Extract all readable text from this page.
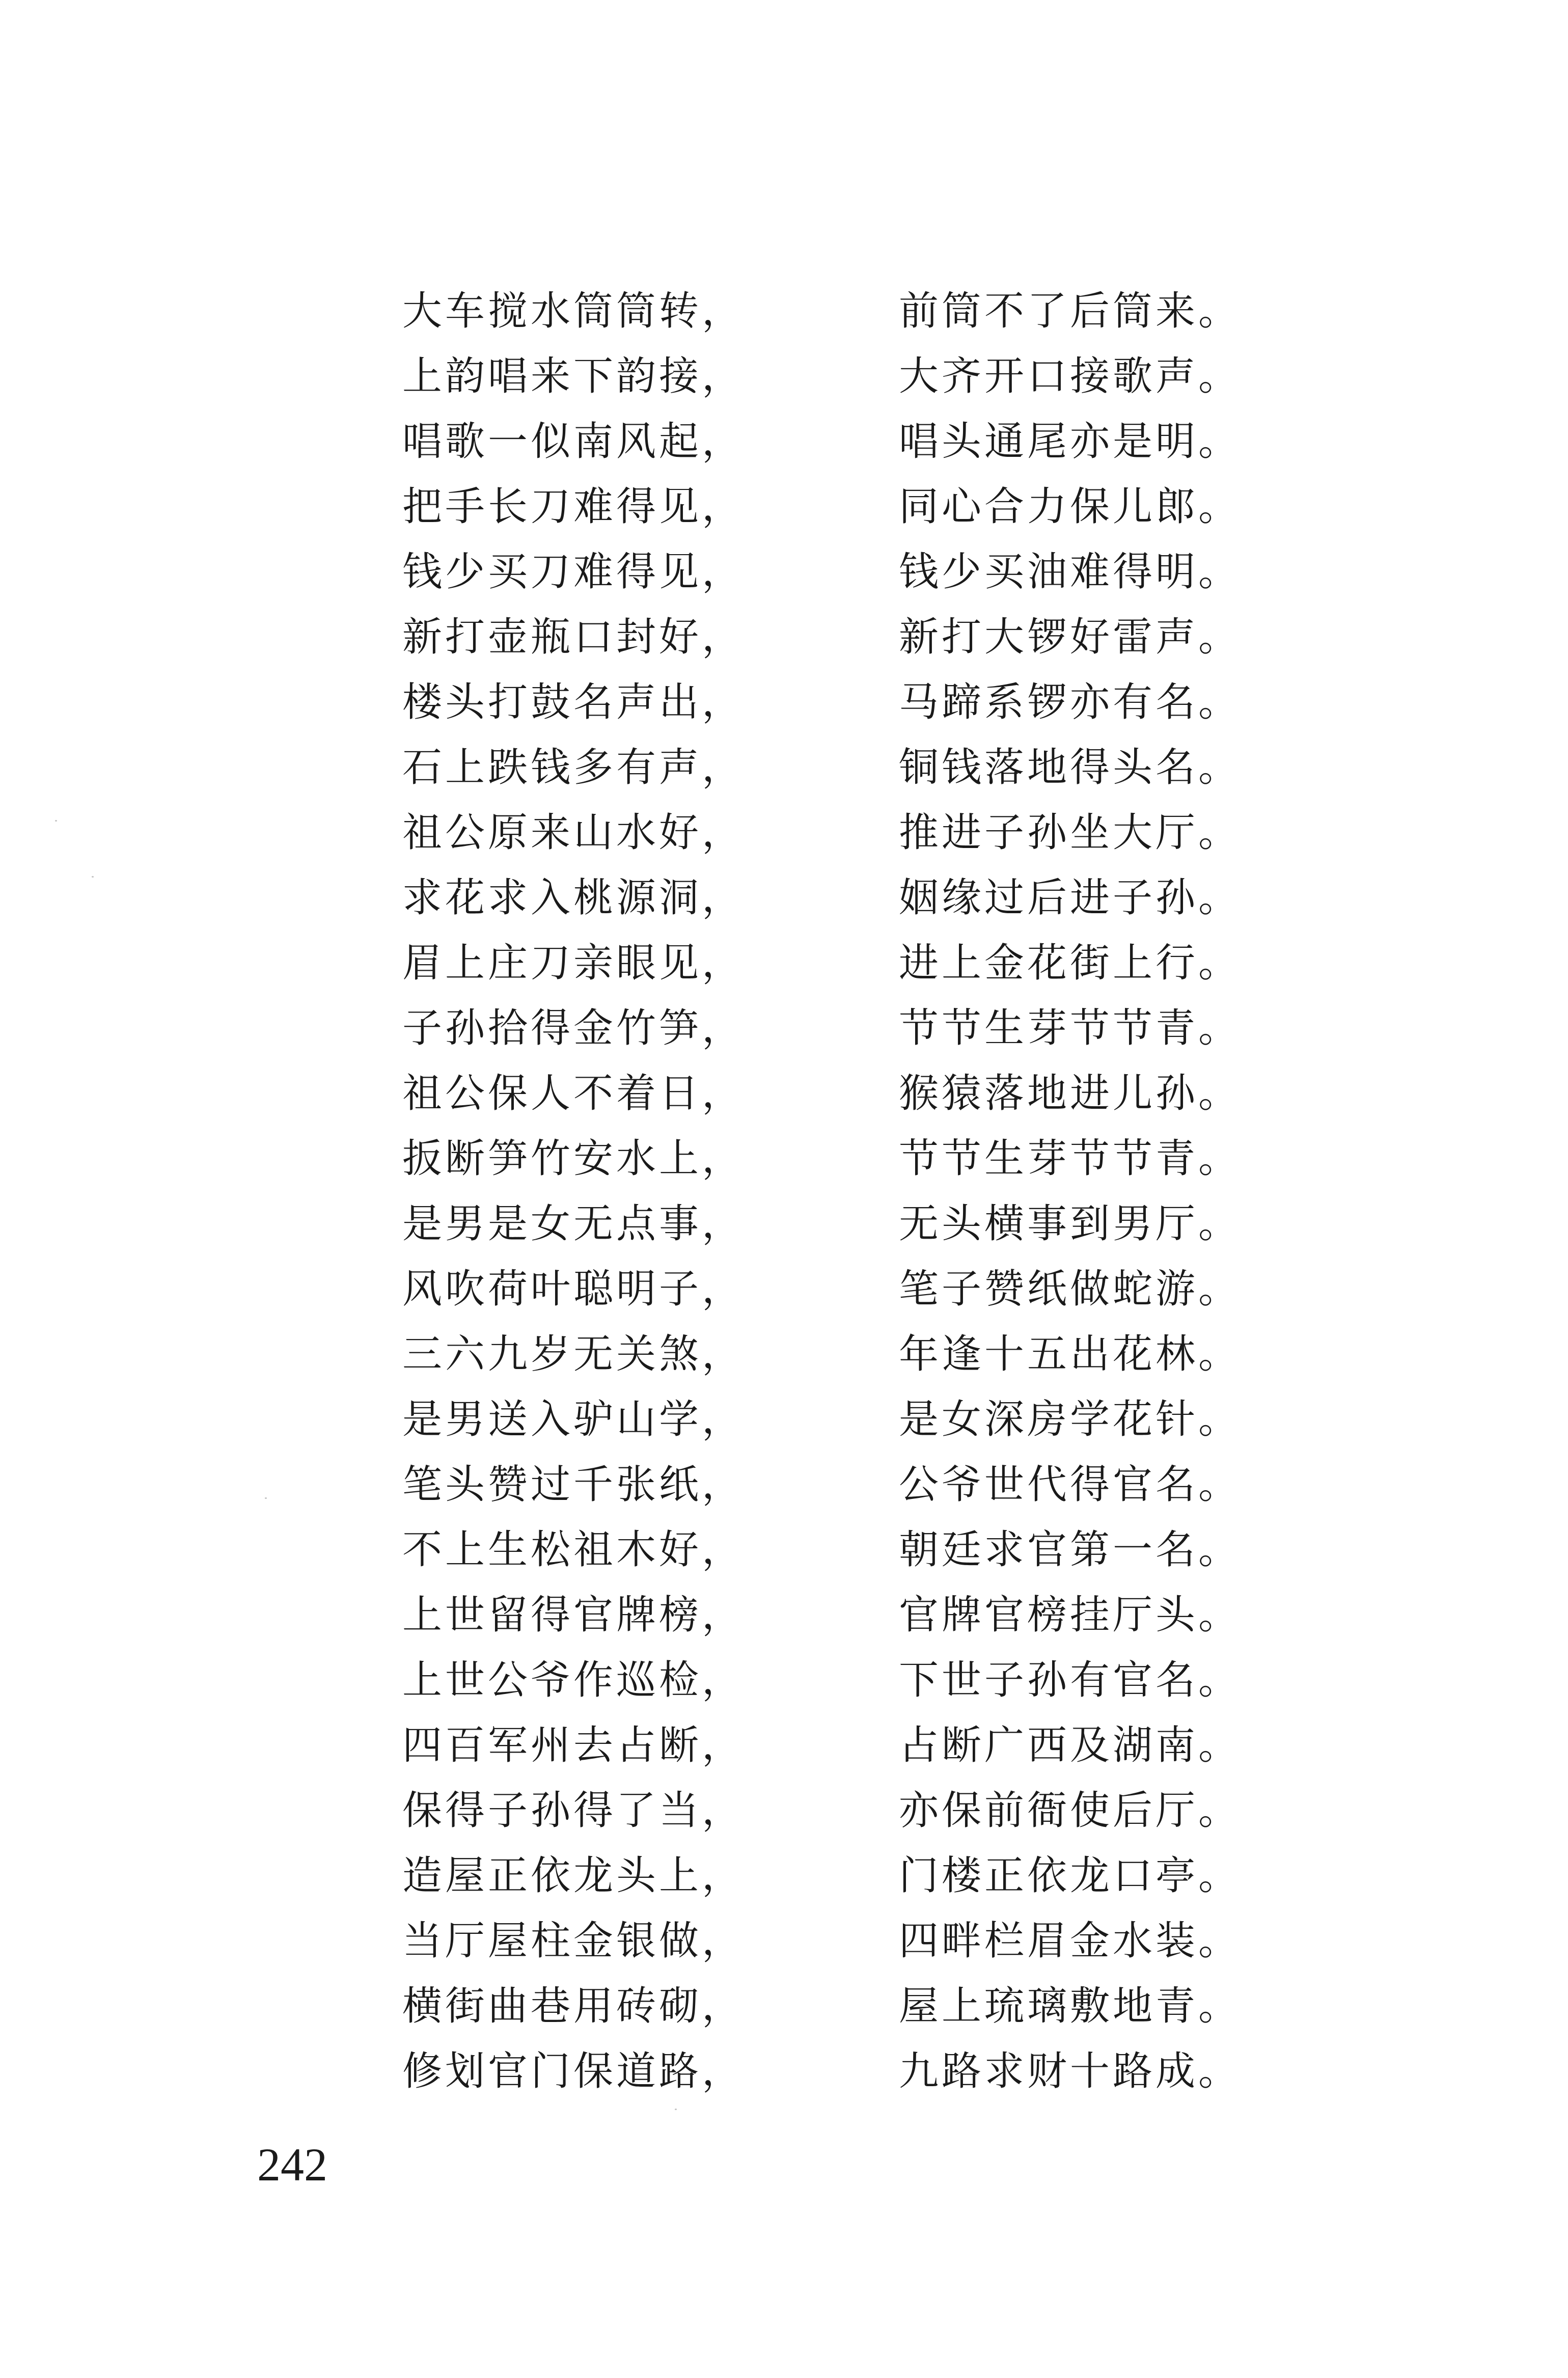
大车搅水筒筒转，	前筒不了后筒来。
上韵唱来下韵接，	大齐开口接歌声。
唱歌一似南风起，	唱头通尾亦是明。
把手长刀难得见，	同心合力保儿郎。
钱少买刀难得见，	钱少买油难得明。
新打壶瓶口封好，	新打大锣好雷声。
楼头打鼓名声出，	马蹄系锣亦有名。
石上跌钱多有声，	铜钱落地得头名。
祖公原来山水好，	推进子孙坐大厅。
求花求入桃源洞，	姻缘过后进子孙。
眉上庄刀亲眼见，	进上金花街上行。
子孙拾得金竹笋，	节节生芽节节青。
祖公保人不着日，	猴猿落地进儿孙。
扳断笋竹安水上，	节节生芽节节青。
是男是女无点事，	无头横事到男厅。
风吹荷叶聪明子，	笔子赞纸做蛇游。
三六九岁无关煞，	年逢十五出花林。
是男送入驴山学，	是女深房学花针。
笔头赞过千张纸，	公爷世代得官名。
不上生松祖木好，	朝廷求官第一名。
上世留得官牌榜，	官牌官榜挂厅头。
上世公爷作巡检，	下世子孙有官名。
四百军州去占断，	占断广西及湖南。
保得子孙得了当，	亦保前衙使后厅。
造屋正依龙头上，	门楼正依龙口亭。
当厅屋柱金银做，	四畔栏眉金水装。
横街曲巷用砖砌，	屋上琉璃敷地青。
修划官门保道路，	九路求财十路成。
242
